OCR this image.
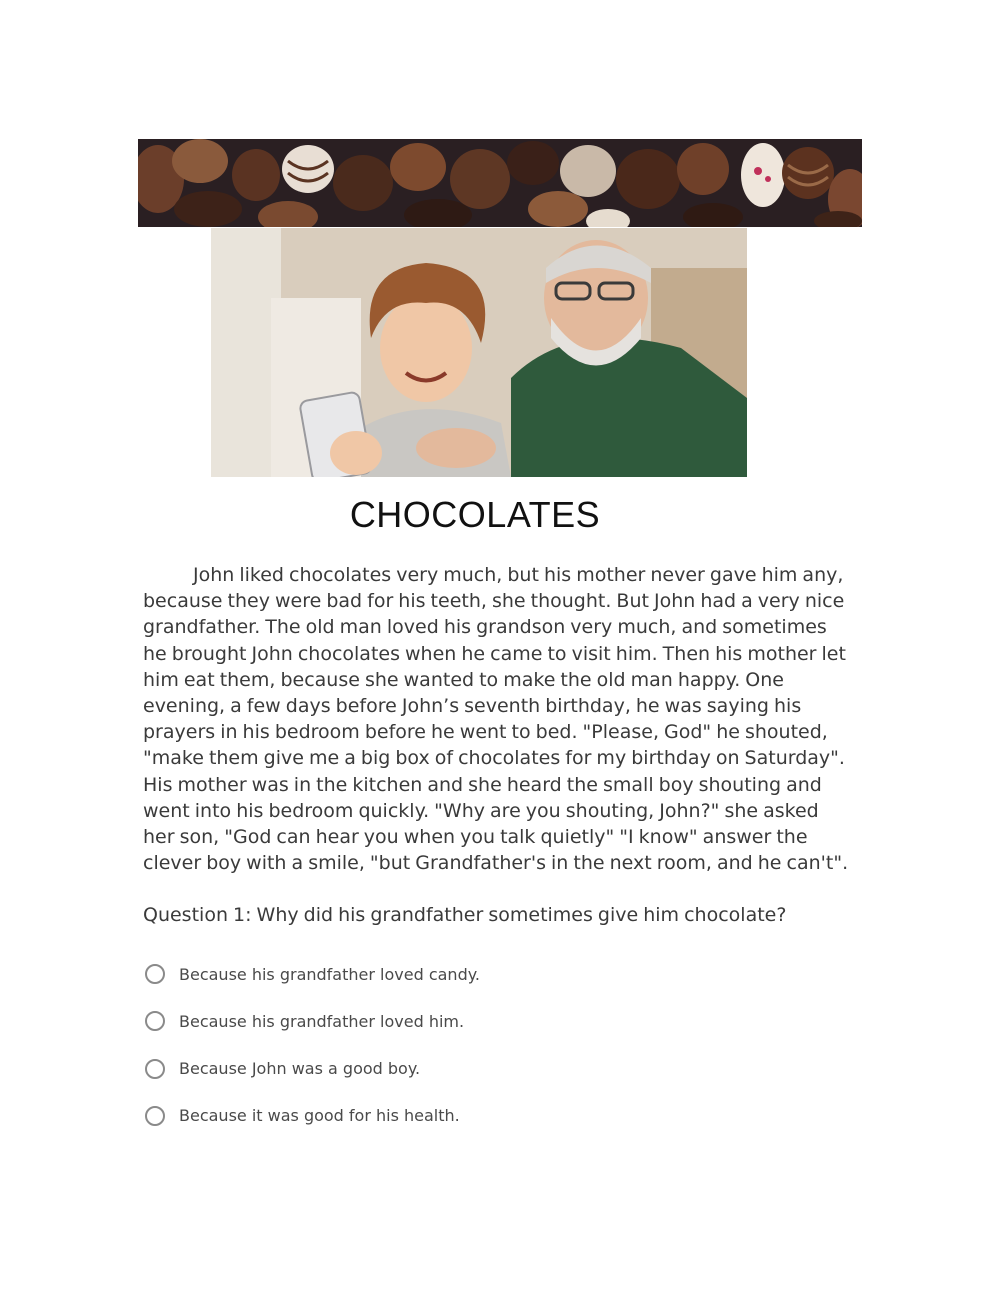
CHOCOLATES
John liked chocolates very much, but his mother never gave him any, because they were bad for his teeth, she thought. But John had a very nice grandfather. The old man loved his grandson very much, and sometimes he brought John chocolates when he came to visit him. Then his mother let him eat them, because she wanted to make the old man happy. One evening, a few days before John’s seventh birthday, he was saying his prayers in his bedroom before he went to bed. "Please, God" he shouted, "make them give me a big box of chocolates for my birthday on Saturday". His mother was in the kitchen and she heard the small boy shouting and went into his bedroom quickly. "Why are you shouting, John?" she asked her son, "God can hear you when you talk quietly" "I know" answer the clever boy with a smile, "but Grandfather's in the next room, and he can't".
Question 1: Why did his grandfather sometimes give him chocolate?
Because his grandfather loved candy.
Because his grandfather loved him.
Because John was a good boy.
Because it was good for his health.
